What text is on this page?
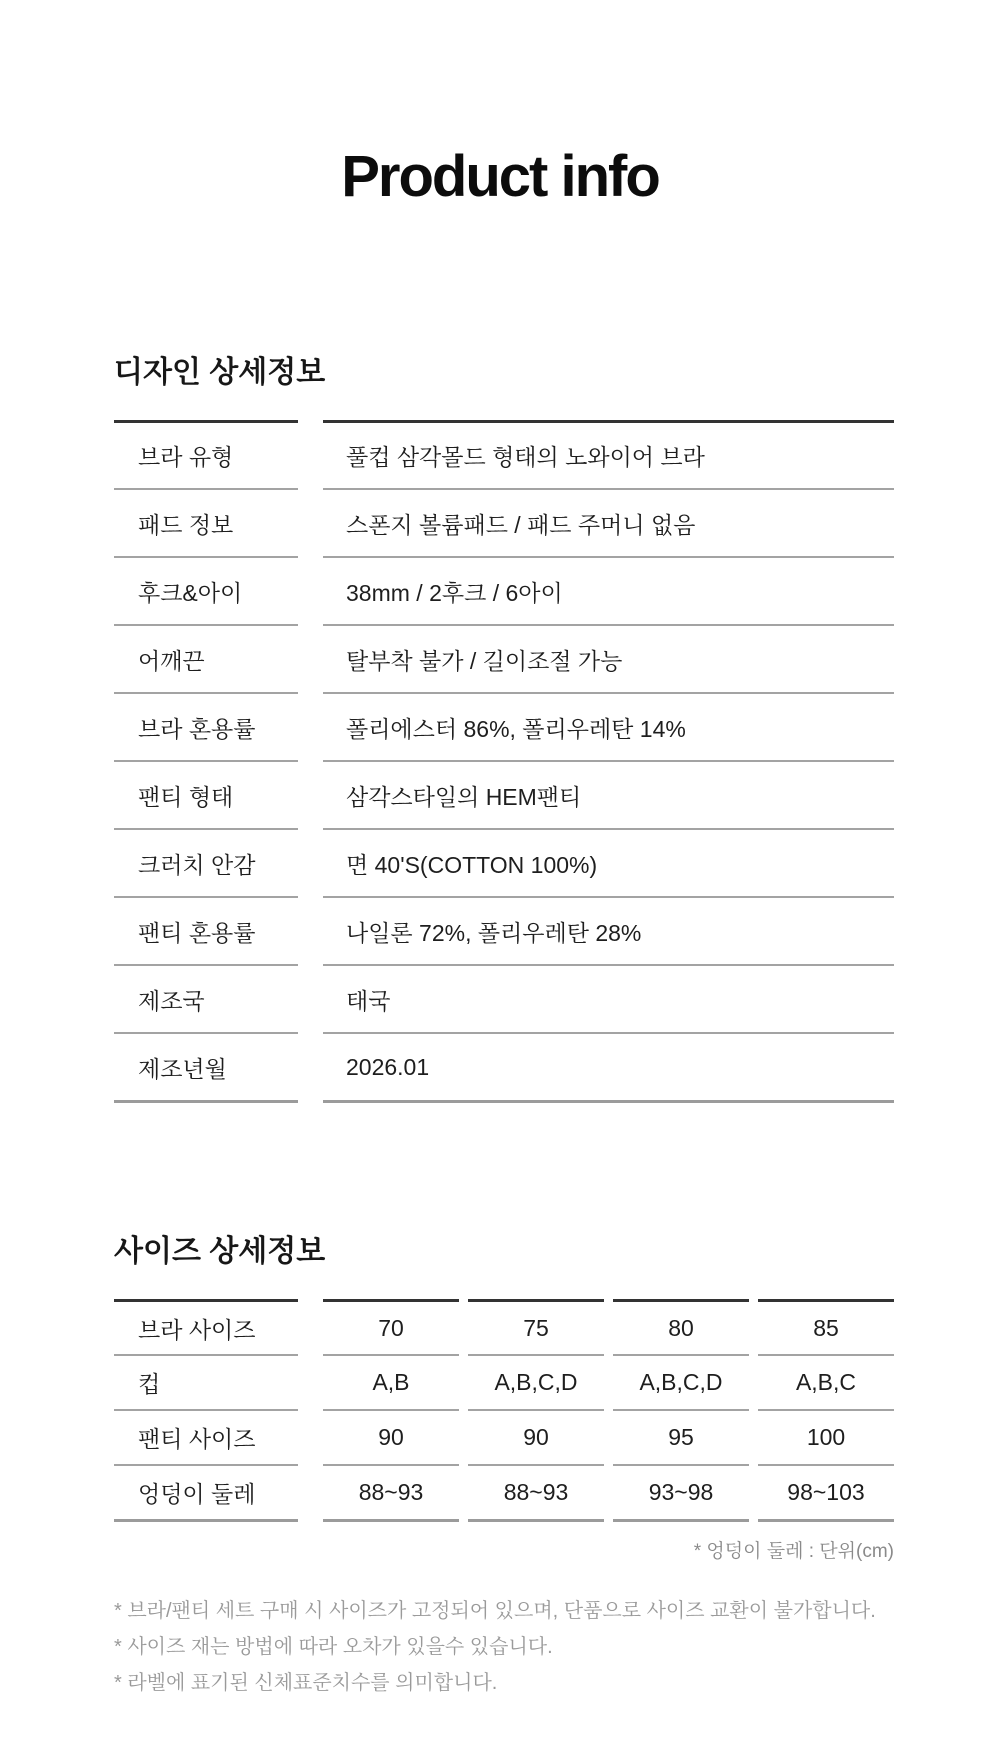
Product info
디자인 상세정보
브라 유형
패드 정보
후크&아이
어깨끈
브라 혼용률
팬티 형태
크러치 안감
팬티 혼용률
제조국
제조년월
풀컵 삼각몰드 형태의 노와이어 브라
스폰지 볼륨패드 / 패드 주머니 없음
38mm / 2후크 / 6아이
탈부착 불가 / 길이조절 가능
폴리에스터 86%, 폴리우레탄 14%
삼각스타일의 HEM팬티
면 40'S(COTTON 100%)
나일론 72%, 폴리우레탄 28%
태국
2026.01
사이즈 상세정보
브라 사이즈
컵
팬티 사이즈
엉덩이 둘레
70
A,B
90
88~93
75
A,B,C,D
90
88~93
80
A,B,C,D
95
93~98
85
A,B,C
100
98~103
* 엉덩이 둘레 : 단위(cm)
* 브라/팬티 세트 구매 시 사이즈가 고정되어 있으며, 단품으로 사이즈 교환이 불가합니다.
* 사이즈 재는 방법에 따라 오차가 있을수 있습니다.
* 라벨에 표기된 신체표준치수를 의미합니다.
